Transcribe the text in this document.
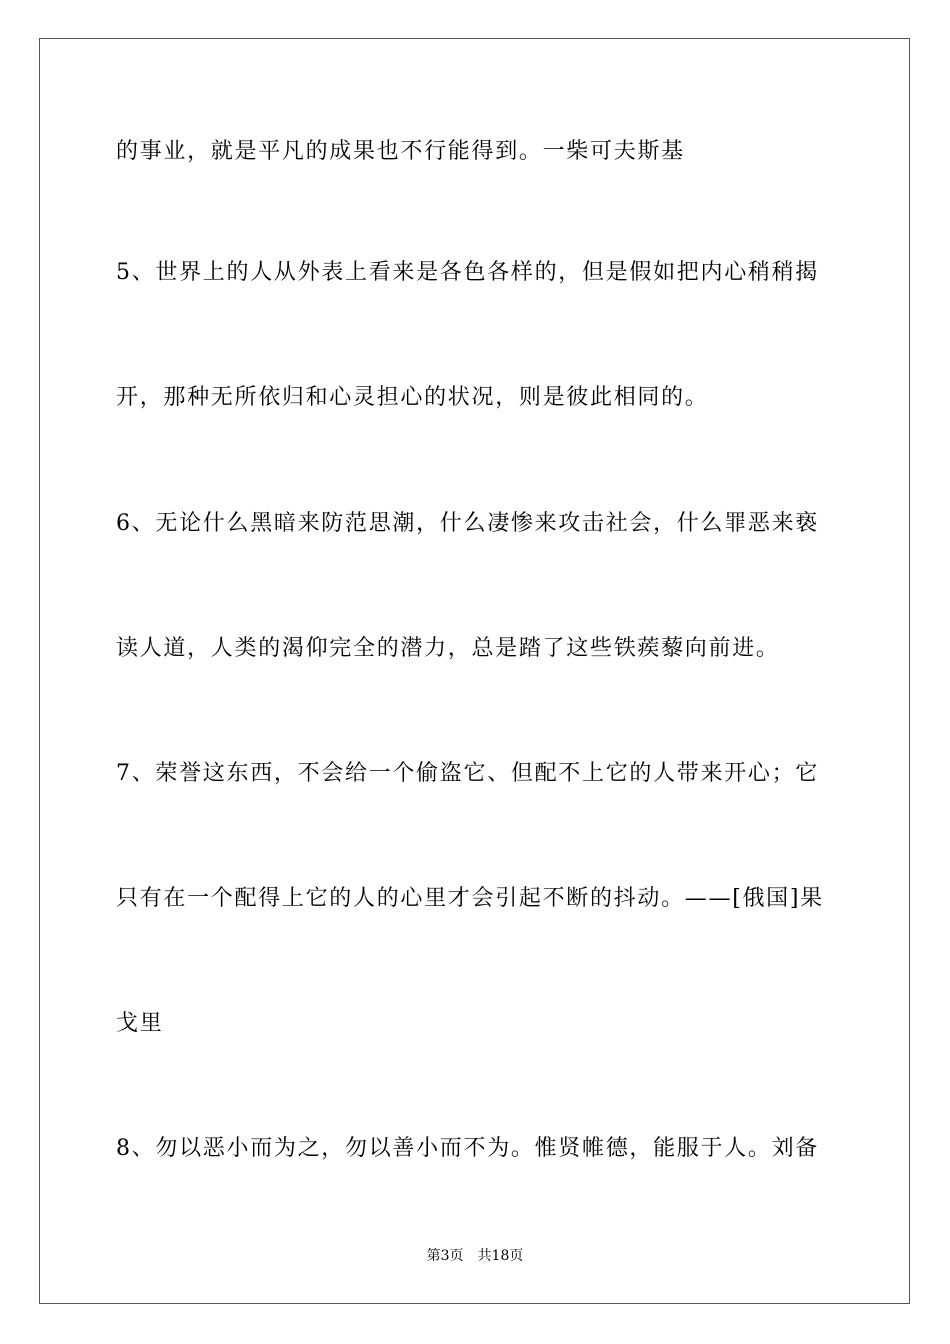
的事业，就是平凡的成果也不行能得到。一柴可夫斯基
5、世界上的人从外表上看来是各色各样的，但是假如把内心稍稍揭
开，那种无所依归和心灵担心的状况，则是彼此相同的。
6、无论什么黑暗来防范思潮，什么凄惨来攻击社会，什么罪恶来亵
读人道，人类的渴仰完全的潜力，总是踏了这些铁蒺藜向前进。
7、荣誉这东西，不会给一个偷盗它、但配不上它的人带来开心；它
只有在一个配得上它的人的心里才会引起不断的抖动。——[俄国]果
戈里
8、勿以恶小而为之，勿以善小而不为。惟贤帷德，能服于人。刘备
第3页 共18页
